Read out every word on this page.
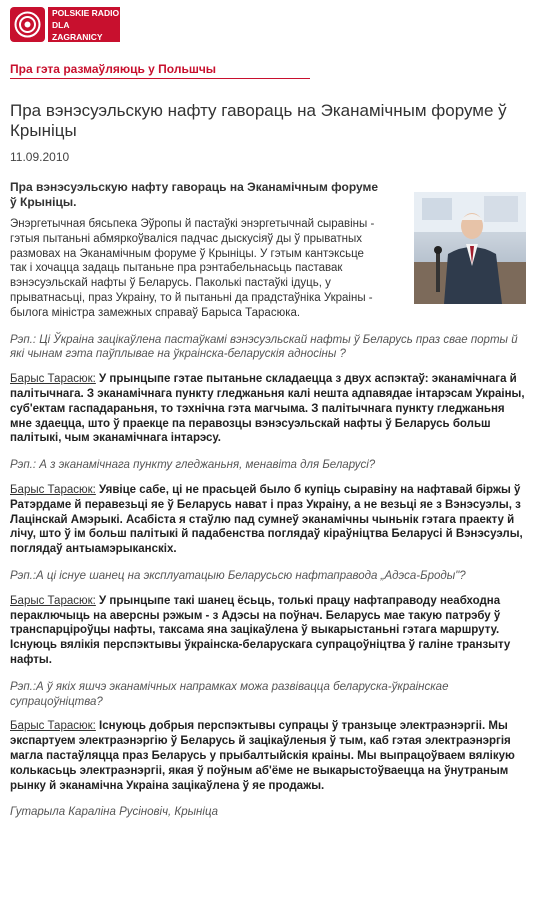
POLSKIE RADIO
DLA ZAGRANICY
Пра гэта размаўляюць у Польшчы
Пра вэнэсуэльскую нафту гавораць на Эканамічным форуме ў Крыніцы
11.09.2010

Пра вэнэсуэльскую нафту гавораць на Эканамічным форуме ў Крыніцы.

Энэргетычная бясьпека Эўропы й пастаўкі энэргетычнай сыравіны - гэтыя пытаньні абмяркоўваліся падчас дыскусіяў ды ў прыватных размовах на Эканамічным форуме ў Крыніцы. У гэтым кантэксьце так і хочацца задаць пытаньне пра рэнтабельнасьць паставак вэнэсуэльскай нафты ў Беларусь. Паколькі пастаўкі ідуць, у прыватнасьці, праз Украіну, то й пытаньні да прадстаўніка Украіны - былога міністра замежных справаў Барыса Тарасюка.

Рэп.: Ці Ўкраіна зацікаўлена пастаўкамі вэнэсуэльскай нафты ў Беларусь праз свае порты й які чынам гэта паўплывае на ўкраінска-беларускія адносіны ?

Барыс Тарасюк: У прынцыпе гэтае пытаньне складаецца з двух аспэктаў: эканамічнага й палітычнага. З эканамічнага пункту гледжаньня калі нешта адпавядае інтарэсам Украіны, суб'ектам гаспадараньня, то тэхнічна гэта магчыма. З палітычнага пункту гледжаньня мне здаецца, што ў праекце па перавозцы вэнэсуэльскай нафты ў Беларусь больш палітыкі, чым эканамічнага інтарэсу.

Рэп.: А з эканамічнага пункту гледжаньня, менавіта для Беларусі?

Барыс Тарасюк: Уявіце сабе, ці не прасьцей было б купіць сыравіну на нафтавай біржы ў Ратэрдаме й перавезьці яе ў Беларусь нават і праз Украіну, а не везьці яе з Вэнэсуэлы, з Лацінскай Амэрыкі. Асабіста я стаўлю пад сумнеў эканамічны чыньнік гэтага праекту й лічу, што ў ім больш палітыкі й падабенства поглядаў кіраўніцтва Беларусі й Вэнэсуэлы, поглядаў антыамэрыканскіх.

Рэп.:А ці існуе шанец на эксплуатацыю Беларусьсю нафтаправода „Адэса-Броды"?

Барыс Тарасюк: У прынцыпе такі шанец ёсьць, толькі працу нафтаправоду неабходна пераключыць на аверсны рэжым - з Адэсы на поўнач. Беларусь мае такую патрэбу ў транспарціроўцы нафты, таксама яна зацікаўлена ў выкарыстаньні гэтага маршруту. Існуюць вялікія перспэктывы ўкраінска-беларускага супрацоўніцтва ў галіне транзыту нафты.

Рэп.:А ў якіх яшчэ эканамічных напрамках можа развівацца беларуска-ўкраінскае супрацоўніцтва?

Барыс Тарасюк: Існуюць добрыя перспэктывы супрацы ў транзыце электраэнэргіі. Мы экспартуем электраэнэргію ў Беларусь й зацікаўленыя ў тым, каб гэтая электраэнэргія магла пастаўляцца праз Беларусь у прыбалтыйскія краіны. Мы выпрацоўваем вялікую колькасьць электраэнэргіі, якая ў поўным аб'ёме не выкарыстоўваецца на ўнутраным рынку й эканамічна Украіна зацікаўлена ў яе продажы.

Гутарыла Каралiна Русiновiч, Крыніца
